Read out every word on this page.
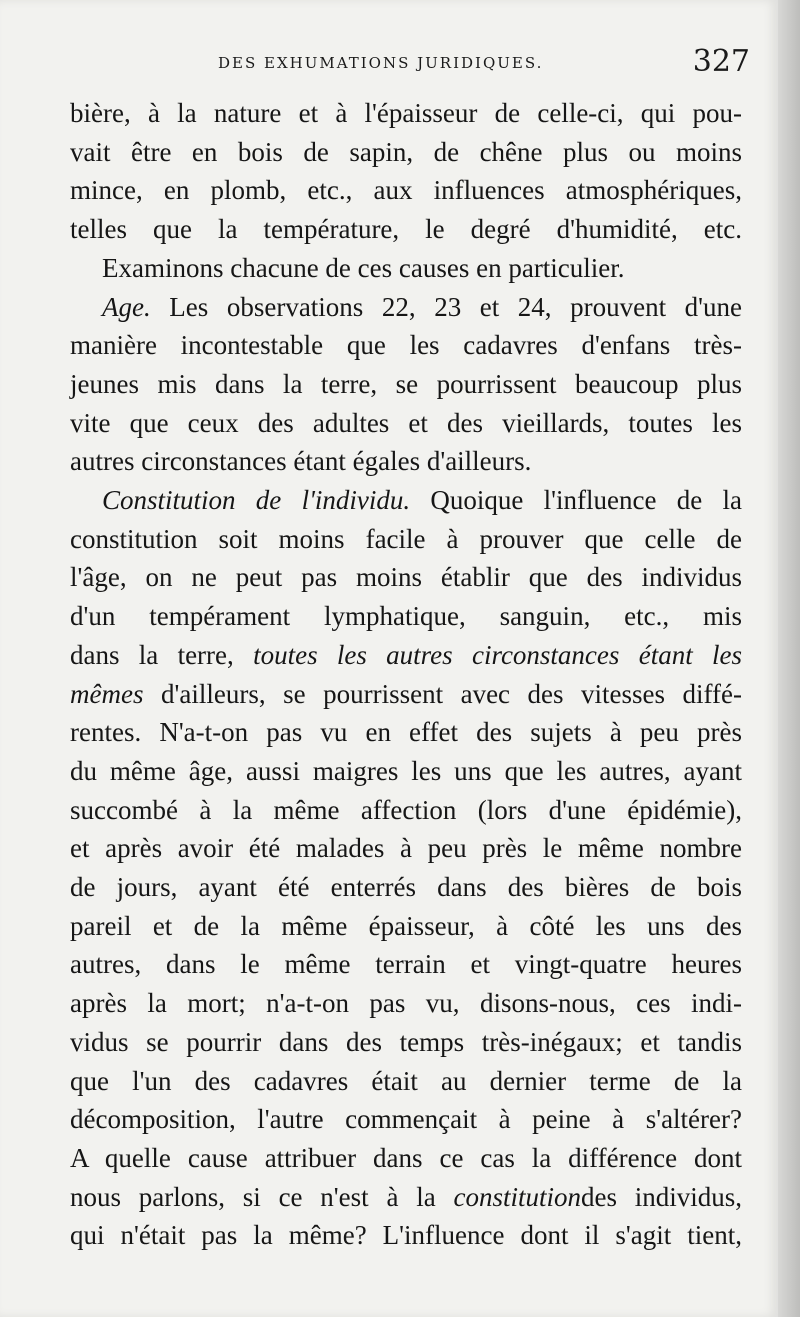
DES EXHUMATIONS JURIDIQUES.	327
bière, à la nature et à l'épaisseur de celle-ci, qui pou-
vait être en bois de sapin, de chêne plus ou moins
mince, en plomb, etc., aux influences atmosphériques,
telles que la température, le degré d'humidité, etc.
Examinons chacune de ces causes en particulier.
Age. Les observations 22, 23 et 24, prouvent d'une
manière incontestable que les cadavres d'enfans très-
jeunes mis dans la terre, se pourrissent beaucoup plus
vite que ceux des adultes et des vieillards, toutes les
autres circonstances étant égales d'ailleurs.
Constitution de l'individu. Quoique l'influence de la
constitution soit moins facile à prouver que celle de
l'âge, on ne peut pas moins établir que des individus
d'un tempérament lymphatique, sanguin, etc., mis
dans la terre, toutes les autres circonstances étant les
mêmes d'ailleurs, se pourrissent avec des vitesses diffé-
rentes. N'a-t-on pas vu en effet des sujets à peu près
du même âge, aussi maigres les uns que les autres, ayant
succombé à la même affection (lors d'une épidémie),
et après avoir été malades à peu près le même nombre
de jours, ayant été enterrés dans des bières de bois
pareil et de la même épaisseur, à côté les uns des
autres, dans le même terrain et vingt-quatre heures
après la mort; n'a-t-on pas vu, disons-nous, ces indi-
vidus se pourrir dans des temps très-inégaux; et tandis
que l'un des cadavres était au dernier terme de la
décomposition, l'autre commençait à peine à s'altérer?
A quelle cause attribuer dans ce cas la différence dont
nous parlons, si ce n'est à la constitutiondes individus,
qui n'était pas la même? L'influence dont il s'agit tient,
